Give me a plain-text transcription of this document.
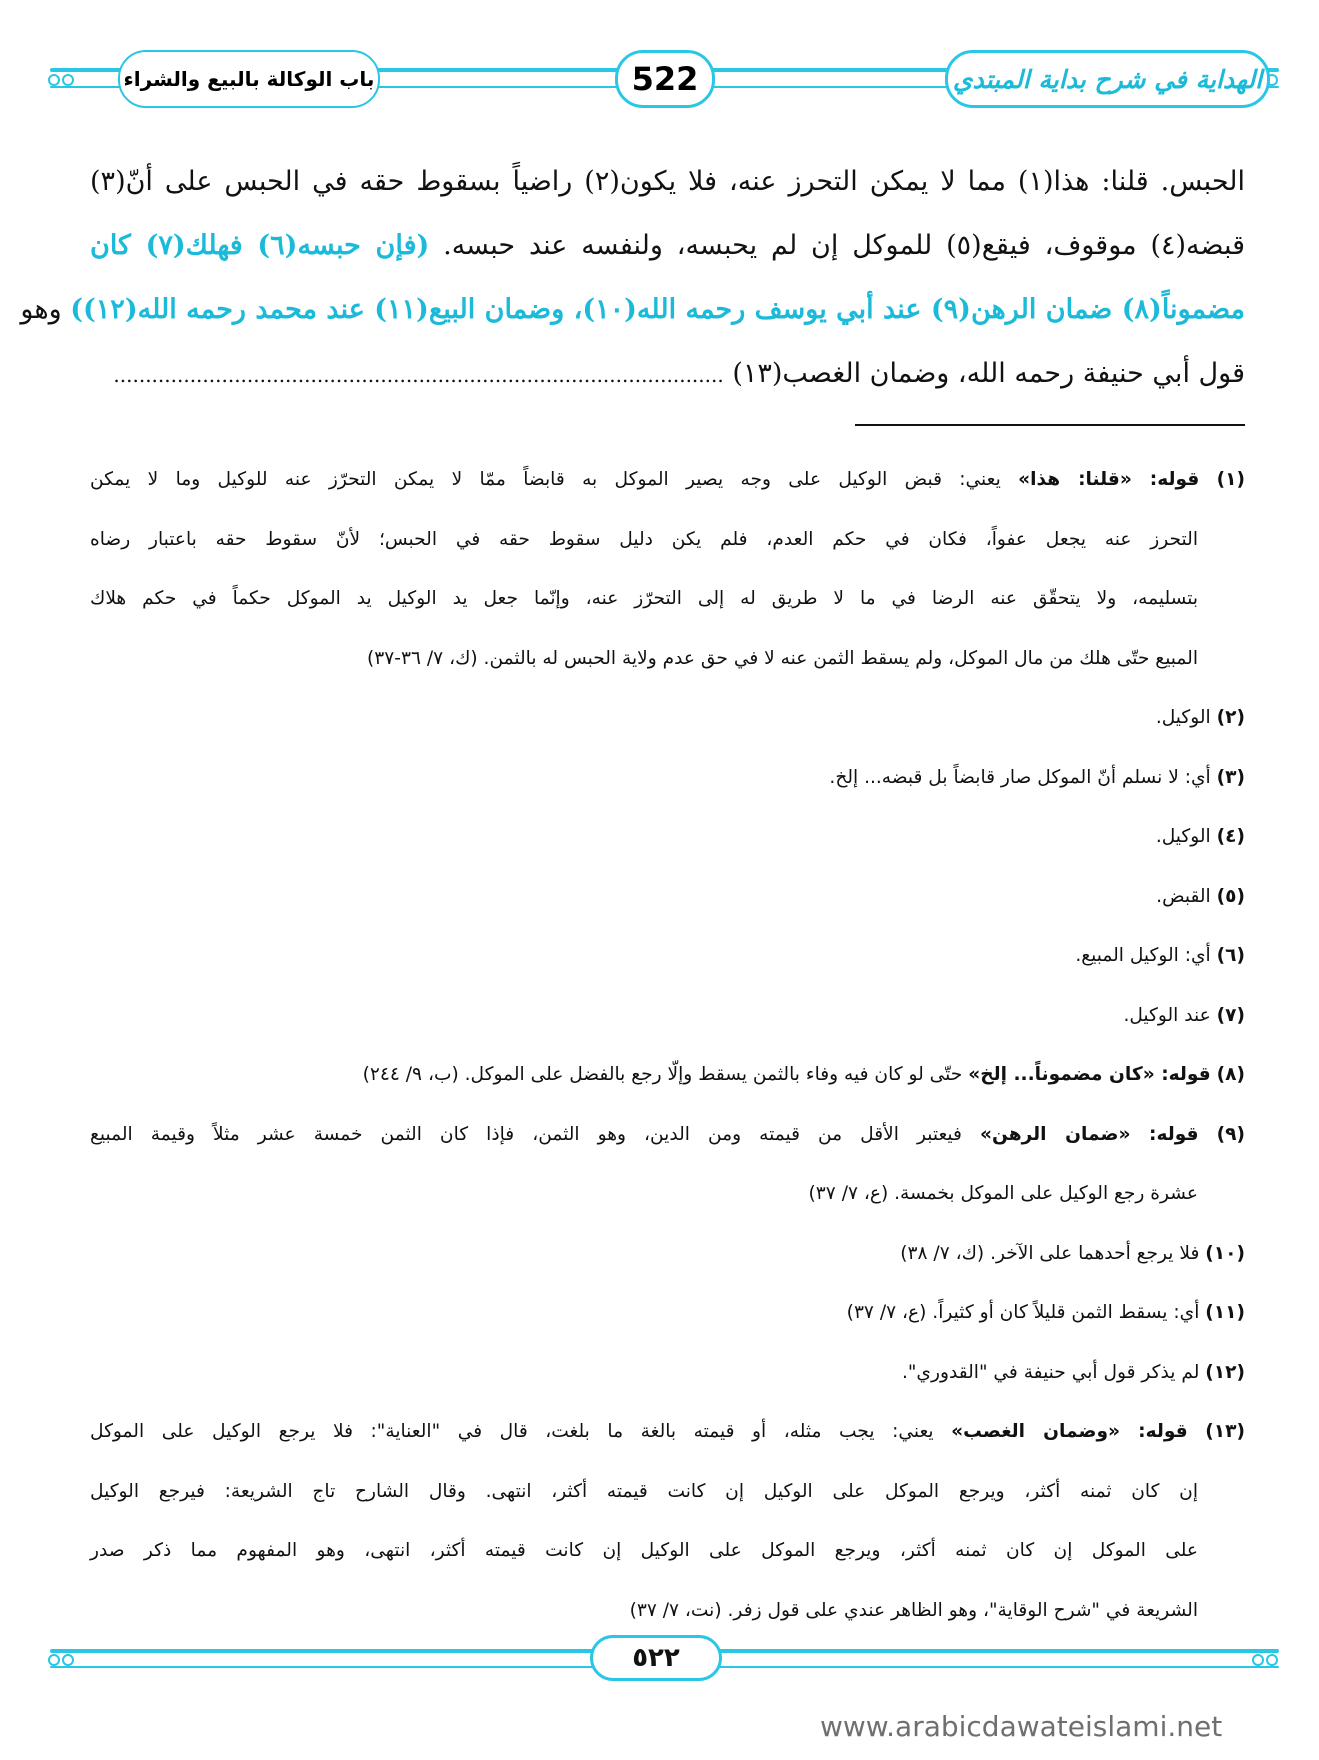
الهداية في شرح بداية المبتدي
522
باب الوكالة بالبيع والشراء
الحبس. قلنا: هذا(١) مما لا يمكن التحرز عنه، فلا يكون(٢) راضياً بسقوط حقه في الحبس على أنّ(٣)
قبضه(٤) موقوف، فيقع(٥) للموكل إن لم يحبسه، ولنفسه عند حبسه. (فإن حبسه(٦) فهلك(٧) كان
مضموناً(٨) ضمان الرهن(٩) عند أبي يوسف رحمه الله(١٠)، وضمان البيع(١١) عند محمد رحمه الله(١٢)) وهو
قول أبي حنيفة رحمه الله، وضمان الغصب(١٣) ................................................................................................
(١) قوله: «قلنا: هذا» يعني: قبض الوكيل على وجه يصير الموكل به قابضاً ممّا لا يمكن التحرّز عنه للوكيل وما لا يمكن
التحرز عنه يجعل عفواً، فكان في حكم العدم، فلم يكن دليل سقوط حقه في الحبس؛ لأنّ سقوط حقه باعتبار رضاه
بتسليمه، ولا يتحقّق عنه الرضا في ما لا طريق له إلى التحرّز عنه، وإنّما جعل يد الوكيل يد الموكل حكماً في حكم هلاك
المبيع حتّى هلك من مال الموكل، ولم يسقط الثمن عنه لا في حق عدم ولاية الحبس له بالثمن. (ك، ٧/ ٣٦-٣٧)
(٢) الوكيل.
(٣) أي: لا نسلم أنّ الموكل صار قابضاً بل قبضه... إلخ.
(٤) الوكيل.
(٥) القبض.
(٦) أي: الوكيل المبيع.
(٧) عند الوكيل.
(٨) قوله: «كان مضموناً... إلخ» حتّى لو كان فيه وفاء بالثمن يسقط وإلّا رجع بالفضل على الموكل. (ب، ٩/ ٢٤٤)
(٩) قوله: «ضمان الرهن» فيعتبر الأقل من قيمته ومن الدين، وهو الثمن، فإذا كان الثمن خمسة عشر مثلاً وقيمة المبيع
عشرة رجع الوكيل على الموكل بخمسة. (ع، ٧/ ٣٧)
(١٠) فلا يرجع أحدهما على الآخر. (ك، ٧/ ٣٨)
(١١) أي: يسقط الثمن قليلاً كان أو كثيراً. (ع، ٧/ ٣٧)
(١٢) لم يذكر قول أبي حنيفة في "القدوري".
(١٣) قوله: «وضمان الغصب» يعني: يجب مثله، أو قيمته بالغة ما بلغت، قال في "العناية": فلا يرجع الوكيل على الموكل
إن كان ثمنه أكثر، ويرجع الموكل على الوكيل إن كانت قيمته أكثر، انتهى. وقال الشارح تاج الشريعة: فيرجع الوكيل
على الموكل إن كان ثمنه أكثر، ويرجع الموكل على الوكيل إن كانت قيمته أكثر، انتهى، وهو المفهوم مما ذكر صدر
الشريعة في "شرح الوقاية"، وهو الظاهر عندي على قول زفر. (نت، ٧/ ٣٧)
٥٢٢
www.arabicdawateislami.net
